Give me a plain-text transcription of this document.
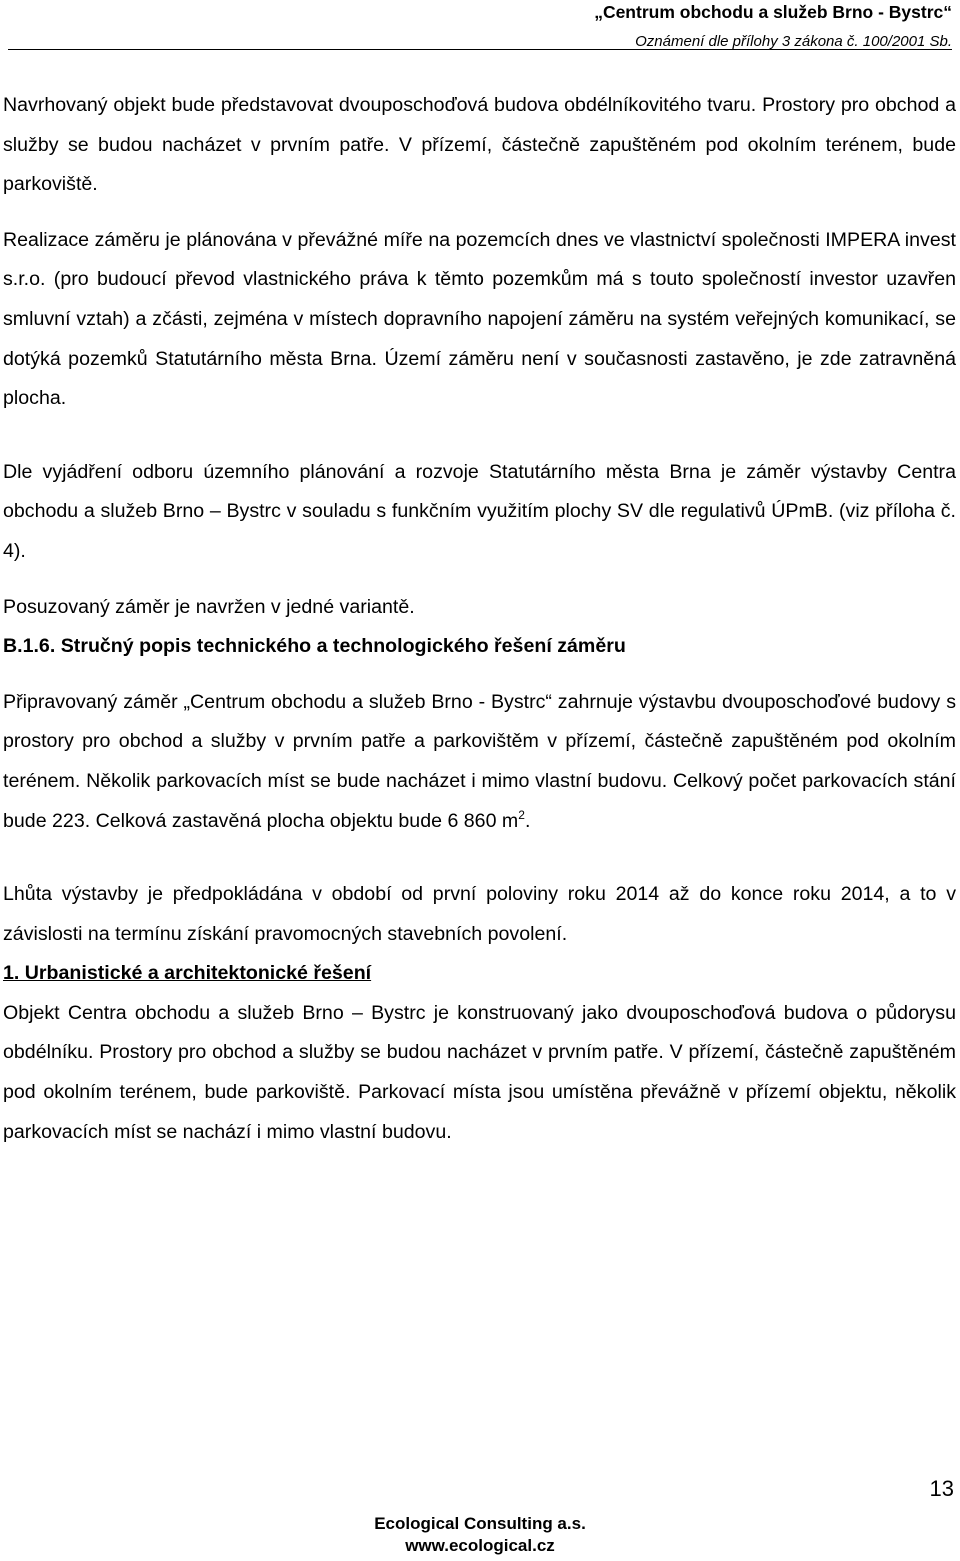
„Centrum obchodu a služeb Brno - Bystrc“
Oznámení dle přílohy 3 zákona č. 100/2001 Sb.

Navrhovaný objekt bude představovat dvouposchoďová budova obdélníkovitého tvaru. Prostory pro obchod a služby se budou nacházet v prvním patře. V přízemí, částečně zapuštěném pod okolním terénem, bude parkoviště.

Realizace záměru je plánována v převážné míře na pozemcích dnes ve vlastnictví společnosti IMPERA invest s.r.o. (pro budoucí převod vlastnického práva k těmto pozemkům má s touto společností investor uzavřen smluvní vztah) a zčásti, zejména v místech dopravního napojení záměru na systém veřejných komunikací, se dotýká pozemků Statutárního města Brna. Území záměru není v současnosti zastavěno, je zde zatravněná plocha.

Dle vyjádření odboru územního plánování a rozvoje Statutárního města Brna je záměr výstavby Centra obchodu a služeb Brno – Bystrc v souladu s funkčním využitím plochy SV dle regulativů ÚPmB. (viz příloha č. 4).

Posuzovaný záměr je navržen v jedné variantě.

B.1.6. Stručný popis technického a technologického řešení záměru

Připravovaný záměr „Centrum obchodu a služeb Brno - Bystrc“ zahrnuje výstavbu dvouposchoďové budovy s prostory pro obchod a služby v prvním patře a parkovištěm v přízemí, částečně zapuštěném pod okolním terénem. Několik parkovacích míst se bude nacházet i mimo vlastní budovu. Celkový počet parkovacích stání bude 223. Celková zastavěná plocha objektu bude 6 860 $m^2$.

Lhůta výstavby je předpokládána v období od první poloviny roku 2014 až do konce roku 2014, a to v závislosti na termínu získání pravomocných stavebních povolení.

1. Urbanistické a architektonické řešení

Objekt Centra obchodu a služeb Brno – Bystrc je konstruovaný jako dvouposchoďová budova o půdorysu obdélníku. Prostory pro obchod a služby se budou nacházet v prvním patře. V přízemí, částečně zapuštěném pod okolním terénem, bude parkoviště. Parkovací místa jsou umístěna převážně v přízemí objektu, několik parkovacích míst se nachází i mimo vlastní budovu.

13
Ecological Consulting a.s.
www.ecological.cz
